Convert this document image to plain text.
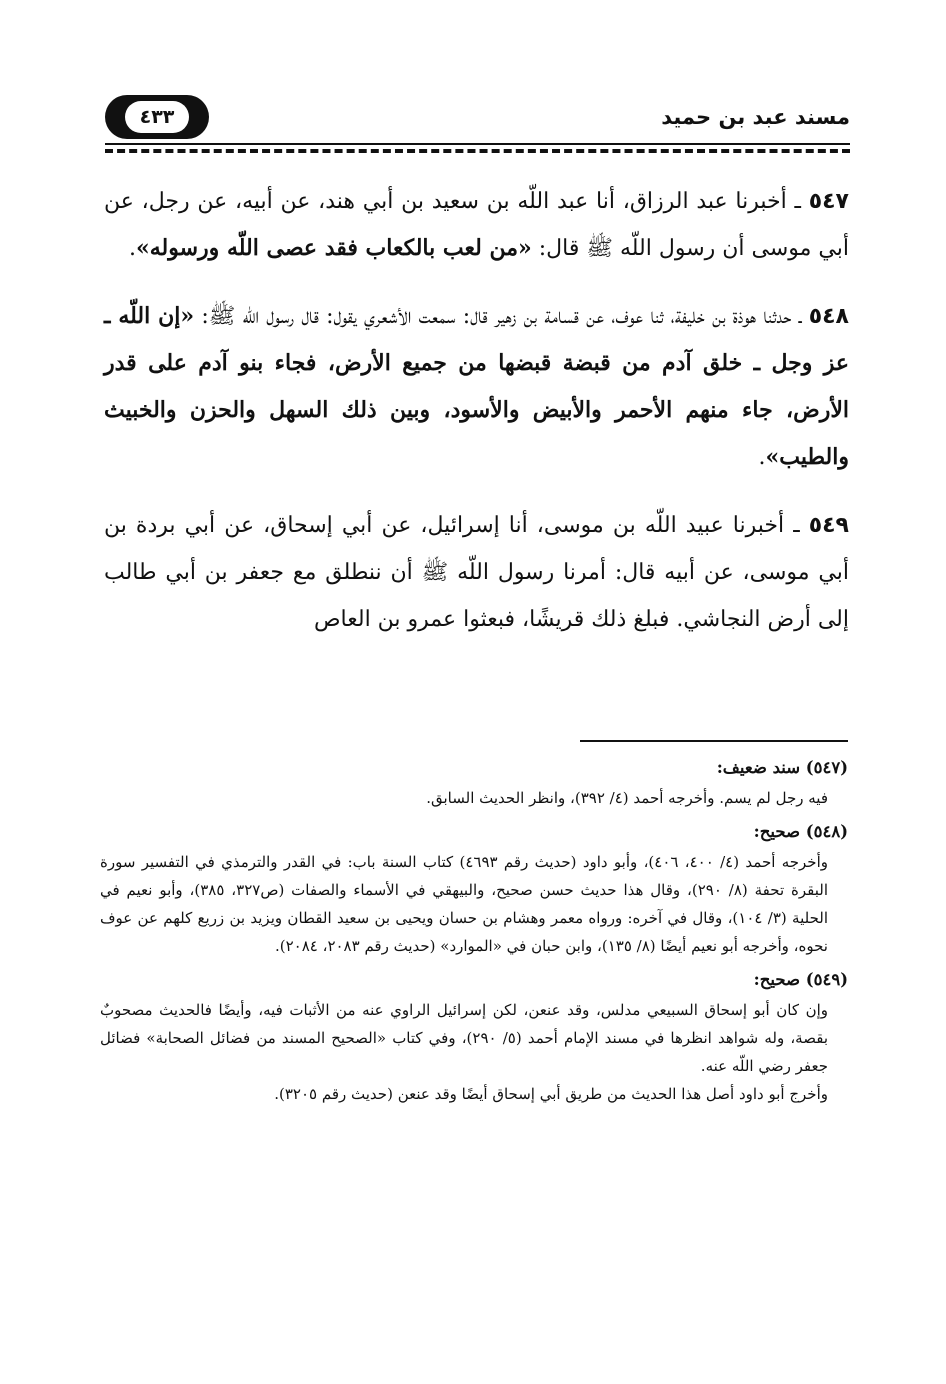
مسند عبد بن حميد
٤٣٣

٥٤٧ ـ أخبرنا عبد الرزاق، أنا عبد اللّه بن سعيد بن أبي هند، عن أبيه، عن رجل، عن أبي موسى أن رسول اللّه ﷺ قال: «من لعب بالكعاب فقد عصى اللّه ورسوله».

٥٤٨ ـ حدثنا هوذة بن خليفة، ثنا عوف، عن قسامة بن زهير قال: سمعت الأشعري يقول: قال رسول اللّه ﷺ: «إن اللّه ـ عز وجل ـ خلق آدم من قبضة قبضها من جميع الأرض، فجاء بنو آدم على قدر الأرض، جاء منهم الأحمر والأبيض والأسود، وبين ذلك السهل والحزن والخبيث والطيب».

٥٤٩ ـ أخبرنا عبيد اللّه بن موسى، أنا إسرائيل، عن أبي إسحاق، عن أبي بردة بن أبي موسى، عن أبيه قال: أمرنا رسول اللّه ﷺ أن ننطلق مع جعفر بن أبي طالب إلى أرض النجاشي. فبلغ ذلك قريشًا، فبعثوا عمرو بن العاص

(٥٤٧) سند ضعيف:

فيه رجل لم يسم. وأخرجه أحمد (٤/ ٣٩٢)، وانظر الحديث السابق.

(٥٤٨) صحيح:

وأخرجه أحمد (٤/ ٤٠٠، ٤٠٦)، وأبو داود (حديث رقم ٤٦٩٣) كتاب السنة باب: في القدر والترمذي في التفسير سورة البقرة تحفة (٨/ ٢٩٠)، وقال هذا حديث حسن صحيح، والبيهقي في الأسماء والصفات (ص٣٢٧، ٣٨٥)، وأبو نعيم في الحلية (٣/ ١٠٤)، وقال في آخره: ورواه معمر وهشام بن حسان ويحيى بن سعيد القطان ويزيد بن زريع كلهم عن عوف نحوه، وأخرجه أبو نعيم أيضًا (٨/ ١٣٥)، وابن حبان في «الموارد» (حديث رقم ٢٠٨٣، ٢٠٨٤).

(٥٤٩) صحيح:

وإن كان أبو إسحاق السبيعي مدلس، وقد عنعن، لكن إسرائيل الراوي عنه من الأثبات فيه، وأيضًا فالحديث مصحوبٌ بقصة، وله شواهد انظرها في مسند الإمام أحمد (٥/ ٢٩٠)، وفي كتاب «الصحيح المسند من فضائل الصحابة» فضائل جعفر رضي اللّه عنه.

وأخرج أبو داود أصل هذا الحديث من طريق أبي إسحاق أيضًا وقد عنعن (حديث رقم ٣٢٠٥).
